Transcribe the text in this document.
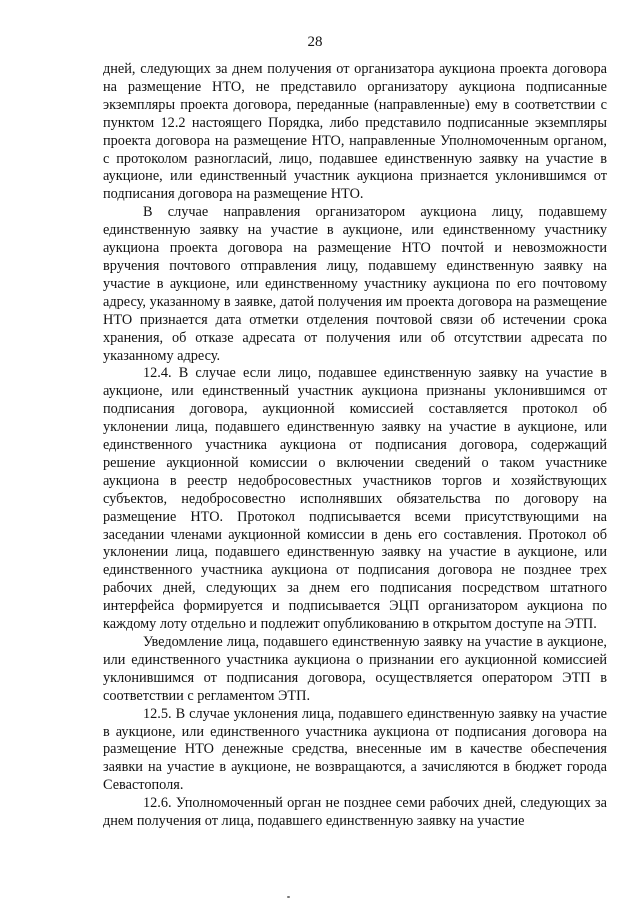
28

дней, следующих за днем получения от организатора аукциона проекта договора на размещение НТО, не представило организатору аукциона подписанные экземпляры проекта договора, переданные (направленные) ему в соответствии с пунктом 12.2 настоящего Порядка, либо представило подписанные экземпляры проекта договора на размещение НТО, направленные Уполномоченным органом, с протоколом разногласий, лицо, подавшее единственную заявку на участие в аукционе, или единственный участник аукциона признается уклонившимся от подписания договора на размещение НТО.

В случае направления организатором аукциона лицу, подавшему единственную заявку на участие в аукционе, или единственному участнику аукциона проекта договора на размещение НТО почтой и невозможности вручения почтового отправления лицу, подавшему единственную заявку на участие в аукционе, или единственному участнику аукциона по его почтовому адресу, указанному в заявке, датой получения им проекта договора на размещение НТО признается дата отметки отделения почтовой связи об истечении срока хранения, об отказе адресата от получения или об отсутствии адресата по указанному адресу.

12.4. В случае если лицо, подавшее единственную заявку на участие в аукционе, или единственный участник аукциона признаны уклонившимся от подписания договора, аукционной комиссией составляется протокол об уклонении лица, подавшего единственную заявку на участие в аукционе, или единственного участника аукциона от подписания договора, содержащий решение аукционной комиссии о включении сведений о таком участнике аукциона в реестр недобросовестных участников торгов и хозяйствующих субъектов, недобросовестно исполнявших обязательства по договору на размещение НТО. Протокол подписывается всеми присутствующими на заседании членами аукционной комиссии в день его составления. Протокол об уклонении лица, подавшего единственную заявку на участие в аукционе, или единственного участника аукциона от подписания договора не позднее трех рабочих дней, следующих за днем его подписания посредством штатного интерфейса формируется и подписывается ЭЦП организатором аукциона по каждому лоту отдельно и подлежит опубликованию в открытом доступе на ЭТП.

Уведомление лица, подавшего единственную заявку на участие в аукционе, или единственного участника аукциона о признании его аукционной комиссией уклонившимся от подписания договора, осуществляется оператором ЭТП в соответствии с регламентом ЭТП.

12.5. В случае уклонения лица, подавшего единственную заявку на участие в аукционе, или единственного участника аукциона от подписания договора на размещение НТО денежные средства, внесенные им в качестве обеспечения заявки на участие в аукционе, не возвращаются, а зачисляются в бюджет города Севастополя.

12.6. Уполномоченный орган не позднее семи рабочих дней, следующих за днем получения от лица, подавшего единственную заявку на участие
